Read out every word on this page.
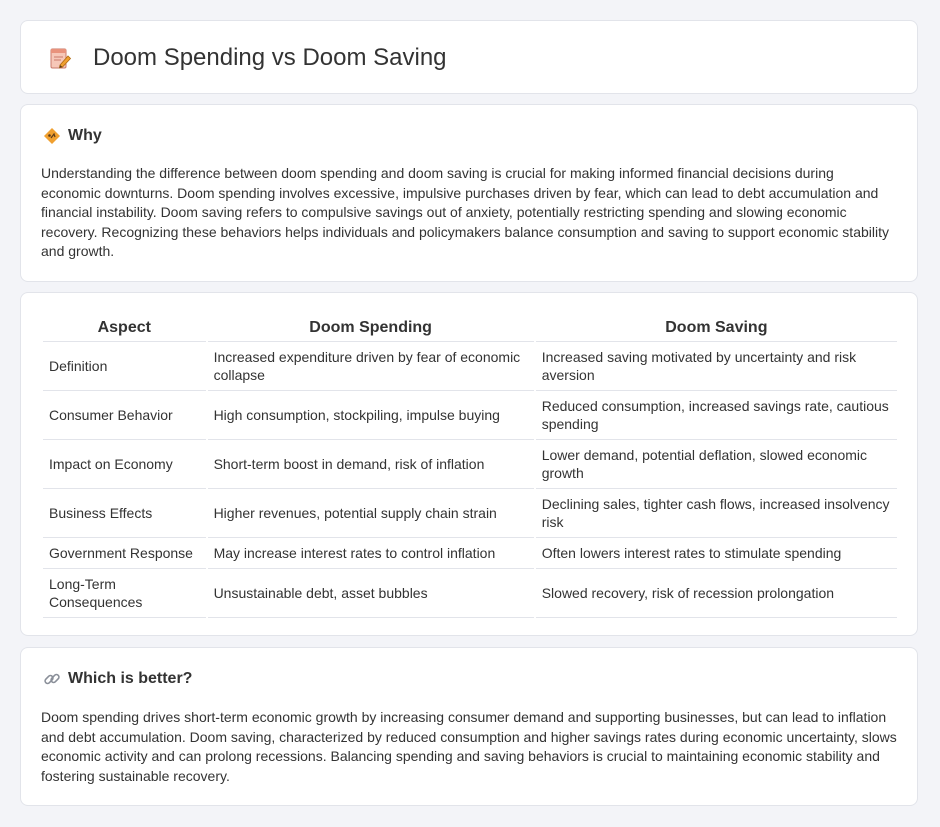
Doom Spending vs Doom Saving
Why

Understanding the difference between doom spending and doom saving is crucial for making informed financial decisions during economic downturns. Doom spending involves excessive, impulsive purchases driven by fear, which can lead to debt accumulation and financial instability. Doom saving refers to compulsive savings out of anxiety, potentially restricting spending and slowing economic recovery. Recognizing these behaviors helps individuals and policymakers balance consumption and saving to support economic stability and growth.

Aspect	Doom Spending	Doom Saving
Definition	Increased expenditure driven by fear of economic collapse	Increased saving motivated by uncertainty and risk aversion
Consumer Behavior	High consumption, stockpiling, impulse buying	Reduced consumption, increased savings rate, cautious spending
Impact on Economy	Short-term boost in demand, risk of inflation	Lower demand, potential deflation, slowed economic growth
Business Effects	Higher revenues, potential supply chain strain	Declining sales, tighter cash flows, increased insolvency risk
Government Response	May increase interest rates to control inflation	Often lowers interest rates to stimulate spending
Long-Term Consequences	Unsustainable debt, asset bubbles	Slowed recovery, risk of recession prolongation
Which is better?

Doom spending drives short-term economic growth by increasing consumer demand and supporting businesses, but can lead to inflation and debt accumulation. Doom saving, characterized by reduced consumption and higher savings rates during economic uncertainty, slows economic activity and can prolong recessions. Balancing spending and saving behaviors is crucial to maintaining economic stability and fostering sustainable recovery.
